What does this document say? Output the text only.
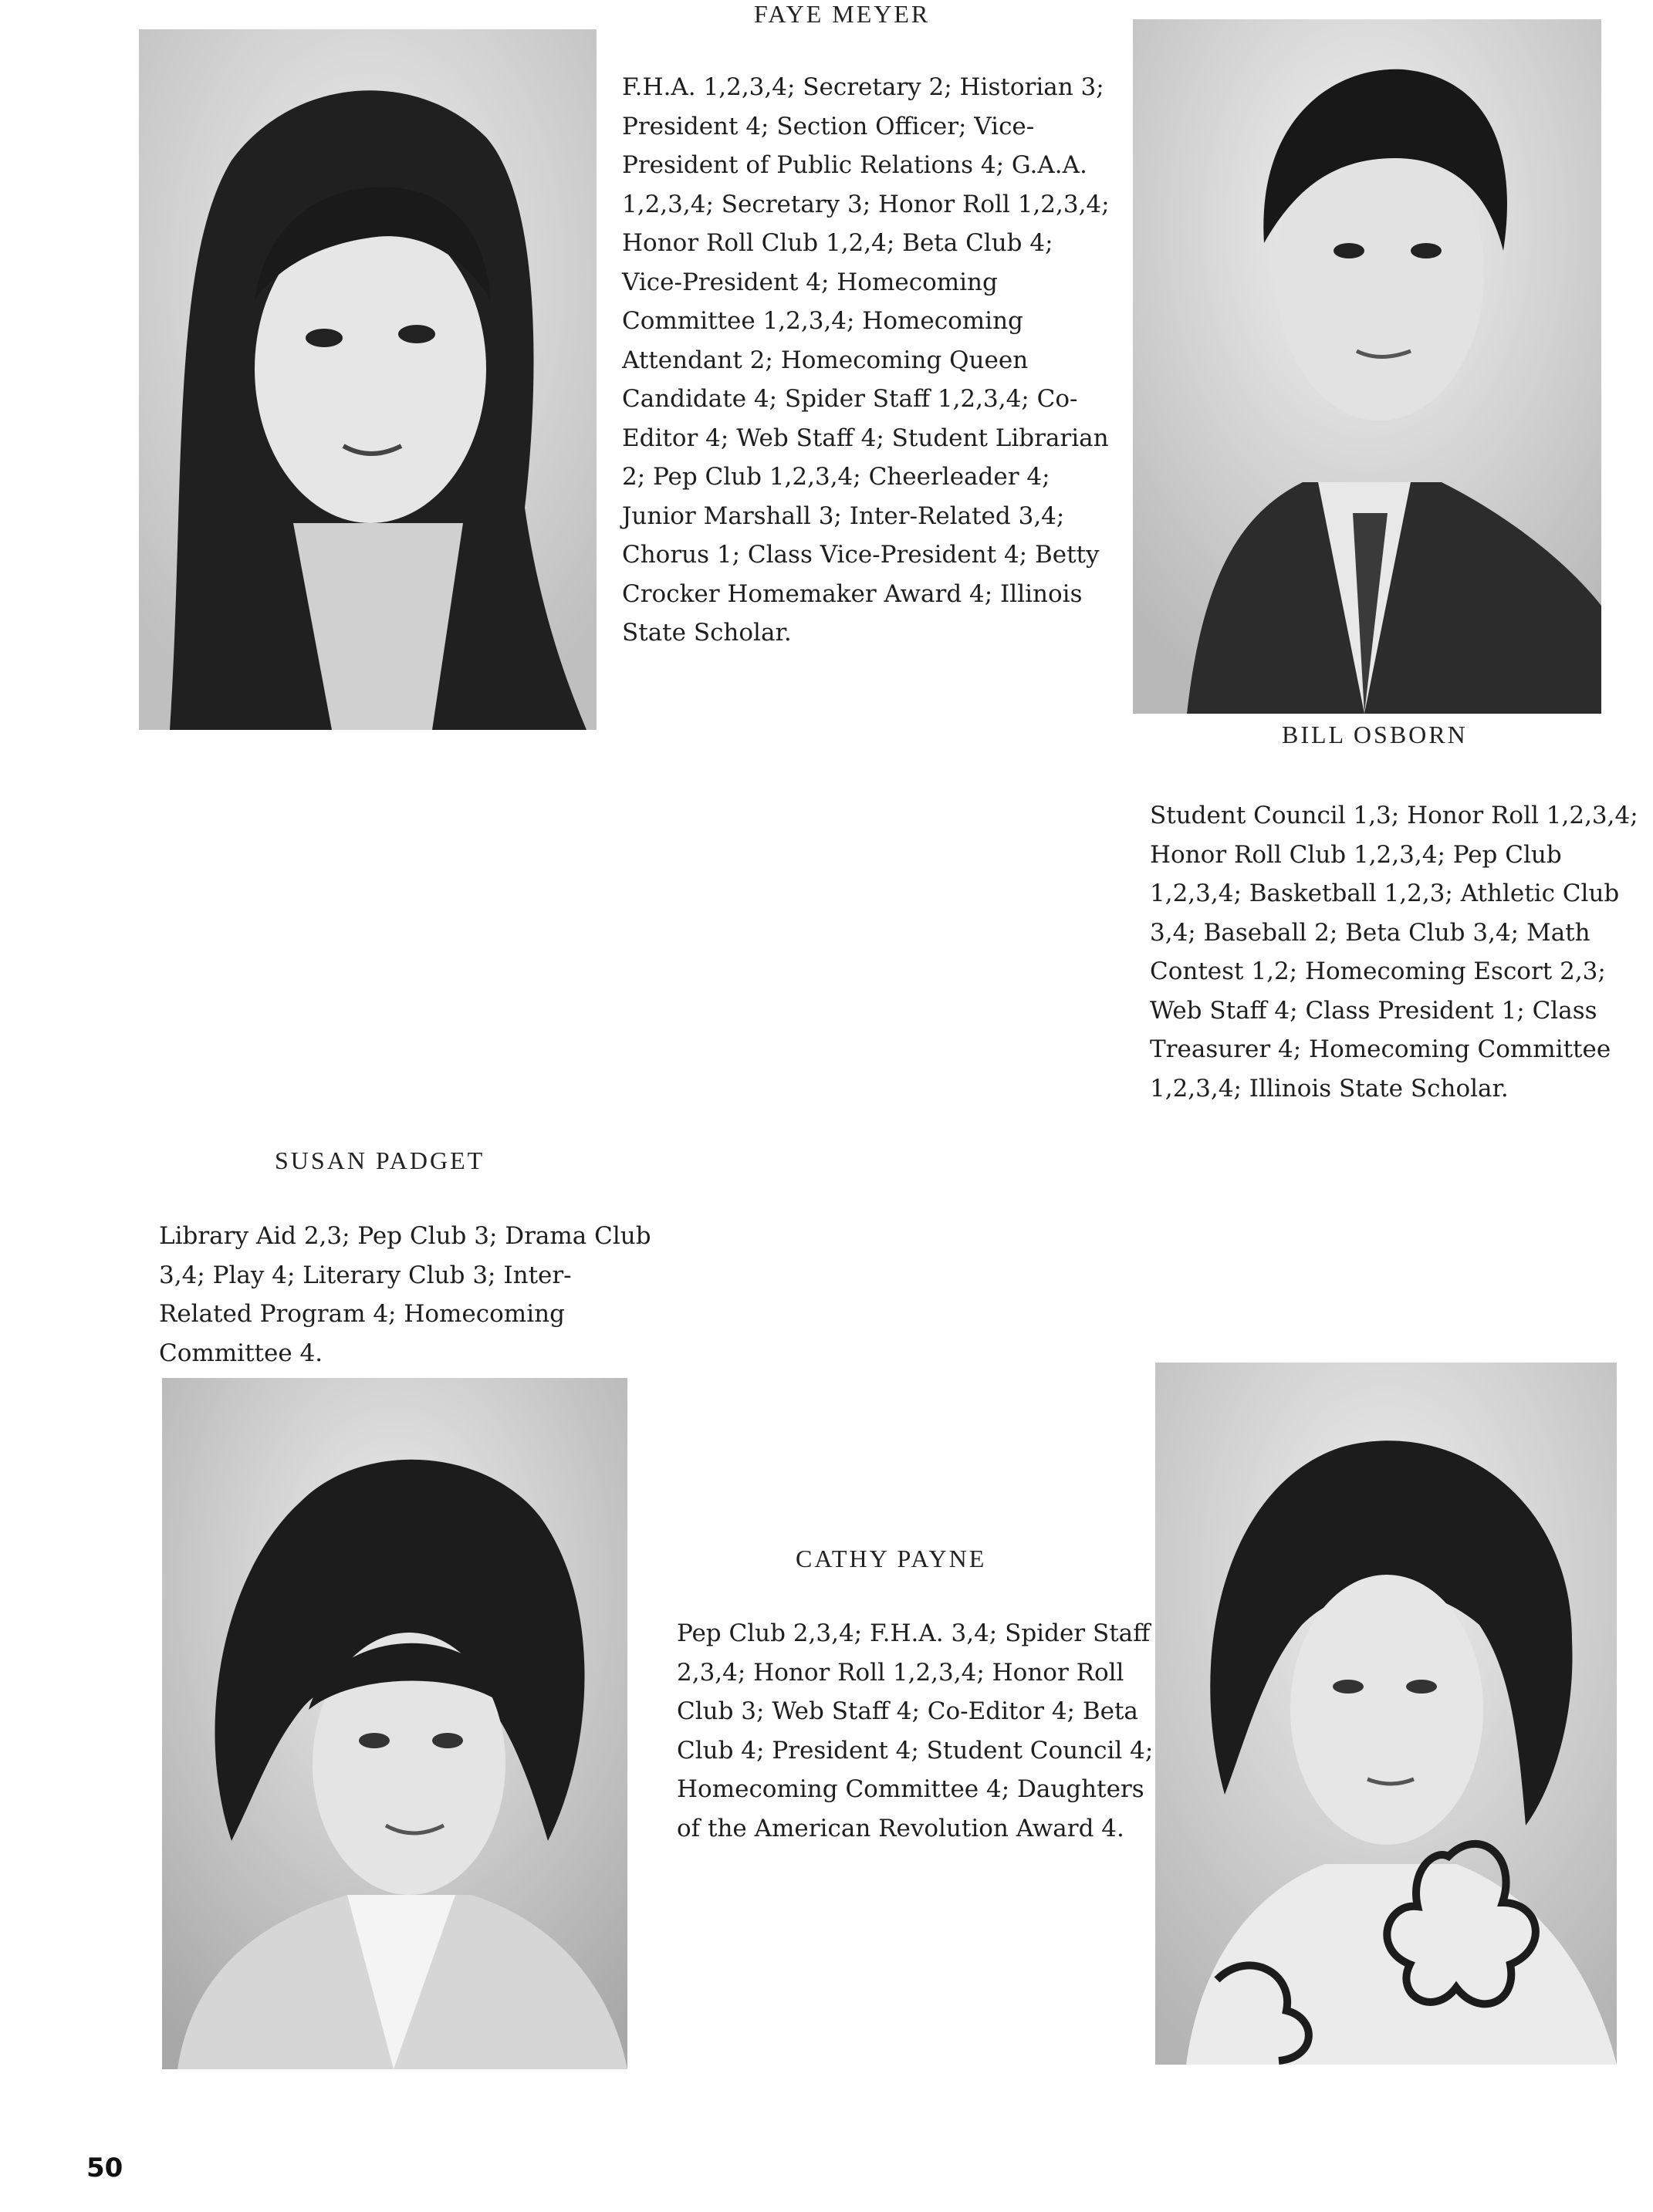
FAYE MEYER

F.H.A. 1,2,3,4; Secretary 2; Historian 3; President 4; Section Officer; Vice-President of Public Relations 4; G.A.A. 1,2,3,4; Secretary 3; Honor Roll 1,2,3,4; Honor Roll Club 1,2,4; Beta Club 4; Vice-President 4; Homecoming Committee 1,2,3,4; Homecoming Attendant 2; Homecoming Queen Candidate 4; Spider Staff 1,2,3,4; Co-Editor 4; Web Staff 4; Student Librarian 2; Pep Club 1,2,3,4; Cheerleader 4; Junior Marshall 3; Inter-Related 3,4; Chorus 1; Class Vice-President 4; Betty Crocker Homemaker Award 4; Illinois State Scholar.

BILL OSBORN

Student Council 1,3; Honor Roll 1,2,3,4; Honor Roll Club 1,2,3,4; Pep Club 1,2,3,4; Basketball 1,2,3; Athletic Club 3,4; Baseball 2; Beta Club 3,4; Math Contest 1,2; Homecoming Escort 2,3; Web Staff 4; Class President 1; Class Treasurer 4; Homecoming Committee 1,2,3,4; Illinois State Scholar.

SUSAN PADGET

Library Aid 2,3; Pep Club 3; Drama Club 3,4; Play 4; Literary Club 3; Inter-Related Program 4; Homecoming Committee 4.

CATHY PAYNE

Pep Club 2,3,4; F.H.A. 3,4; Spider Staff 2,3,4; Honor Roll 1,2,3,4; Honor Roll Club 3; Web Staff 4; Co-Editor 4; Beta Club 4; President 4; Student Council 4; Homecoming Committee 4; Daughters of the American Revolution Award 4.

50
